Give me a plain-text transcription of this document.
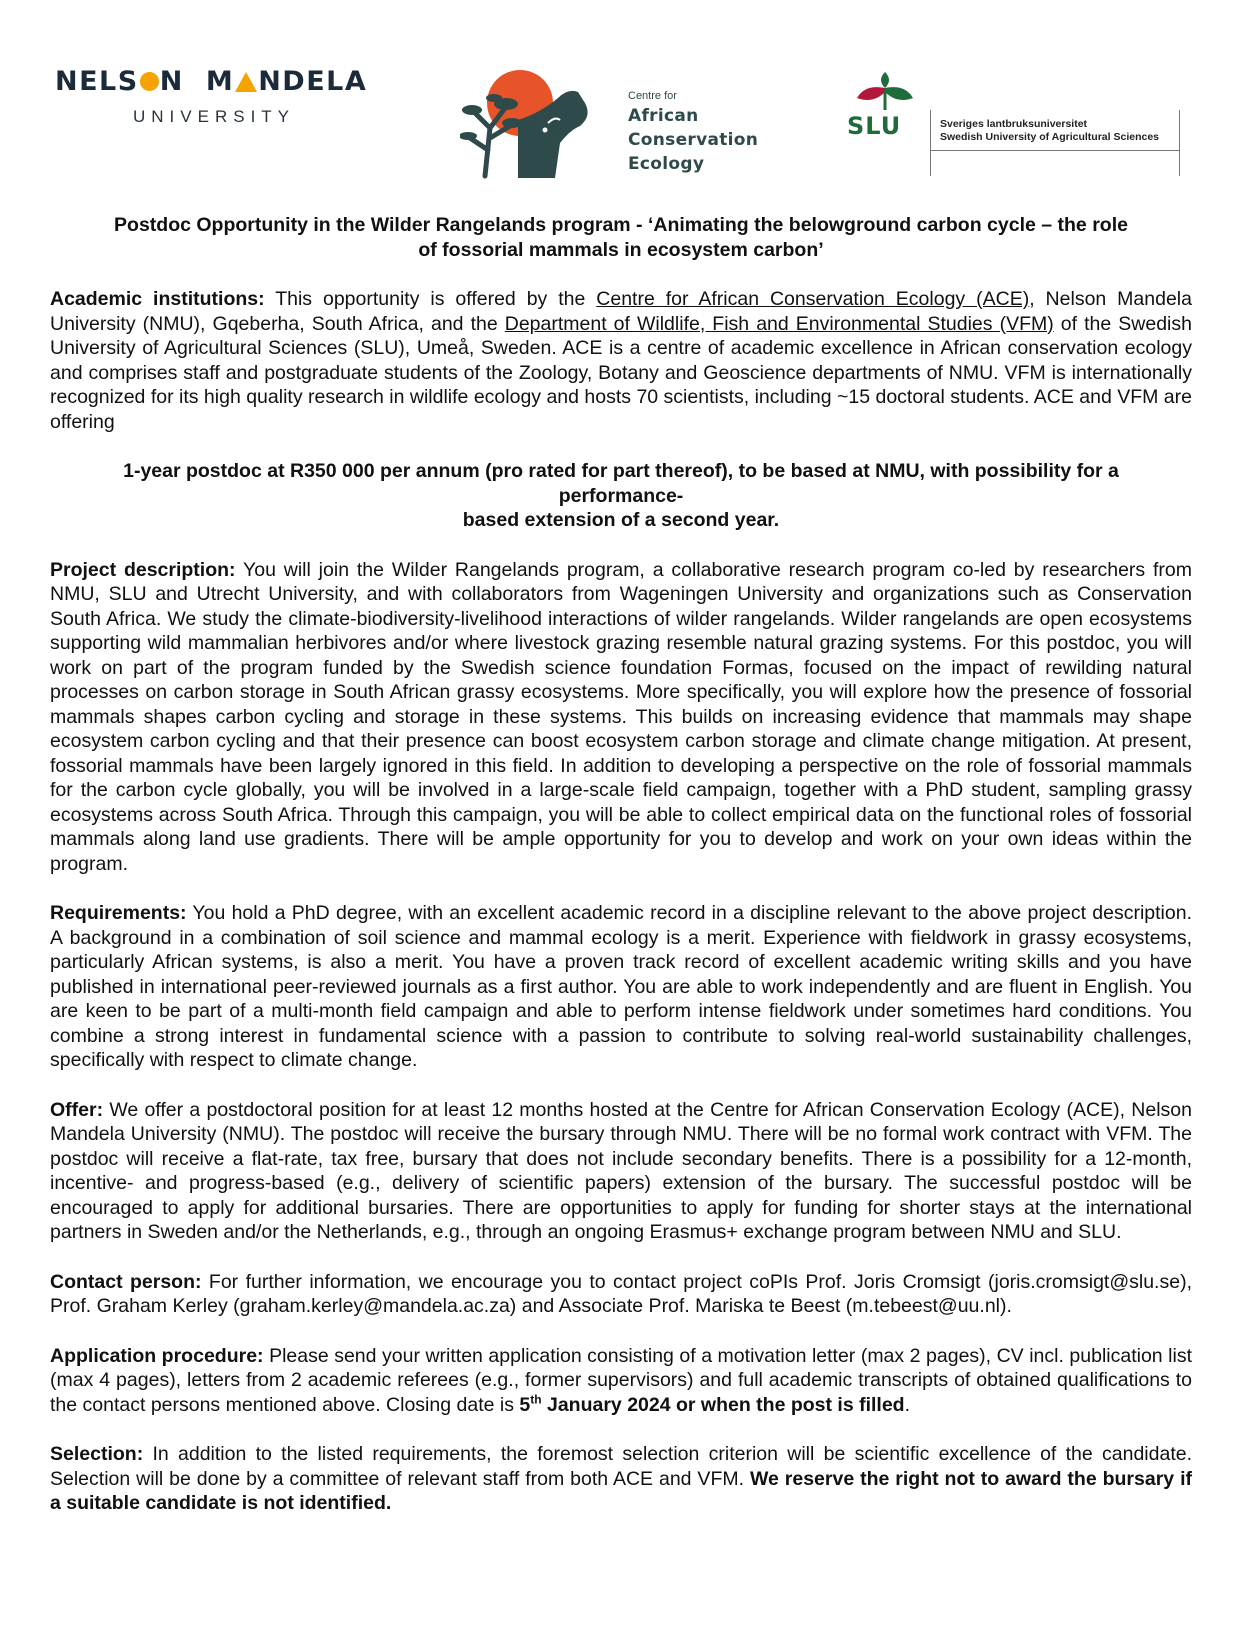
NELS N M NDELA
UNIVERSITY
Centre for
African
Conservation
Ecology
SLU	Sveriges lantbruksuniversitet
Swedish University of Agricultural Sciences
Postdoc Opportunity in the Wilder Rangelands program - ‘Animating the belowground carbon cycle – the role
of fossorial mammals in ecosystem carbon’

Academic institutions: This opportunity is offered by the Centre for African Conservation Ecology (ACE), Nelson Mandela University (NMU), Gqeberha, South Africa, and the Department of Wildlife, Fish and Environmental Studies (VFM) of the Swedish University of Agricultural Sciences (SLU), Umeå, Sweden. ACE is a centre of academic excellence in African conservation ecology and comprises staff and postgraduate students of the Zoology, Botany and Geoscience departments of NMU. VFM is internationally recognized for its high quality research in wildlife ecology and hosts 70 scientists, including ~15 doctoral students. ACE and VFM are offering

1-year postdoc at R350 000 per annum (pro rated for part thereof), to be based at NMU, with possibility for a
performance-
based extension of a second year.

Project description: You will join the Wilder Rangelands program, a collaborative research program co-led by researchers from NMU, SLU and Utrecht University, and with collaborators from Wageningen University and organizations such as Conservation South Africa. We study the climate-biodiversity-livelihood interactions of wilder rangelands. Wilder rangelands are open ecosystems supporting wild mammalian herbivores and/or where livestock grazing resemble natural grazing systems. For this postdoc, you will work on part of the program funded by the Swedish science foundation Formas, focused on the impact of rewilding natural processes on carbon storage in South African grassy ecosystems. More specifically, you will explore how the presence of fossorial mammals shapes carbon cycling and storage in these systems. This builds on increasing evidence that mammals may shape ecosystem carbon cycling and that their presence can boost ecosystem carbon storage and climate change mitigation. At present, fossorial mammals have been largely ignored in this field. In addition to developing a perspective on the role of fossorial mammals for the carbon cycle globally, you will be involved in a large-scale field campaign, together with a PhD student, sampling grassy ecosystems across South Africa. Through this campaign, you will be able to collect empirical data on the functional roles of fossorial mammals along land use gradients. There will be ample opportunity for you to develop and work on your own ideas within the program.

Requirements: You hold a PhD degree, with an excellent academic record in a discipline relevant to the above project description. A background in a combination of soil science and mammal ecology is a merit. Experience with fieldwork in grassy ecosystems, particularly African systems, is also a merit. You have a proven track record of excellent academic writing skills and you have published in international peer-reviewed journals as a first author. You are able to work independently and are fluent in English. You are keen to be part of a multi-month field campaign and able to perform intense fieldwork under sometimes hard conditions. You combine a strong interest in fundamental science with a passion to contribute to solving real-world sustainability challenges, specifically with respect to climate change.

Offer: We offer a postdoctoral position for at least 12 months hosted at the Centre for African Conservation Ecology (ACE), Nelson Mandela University (NMU). The postdoc will receive the bursary through NMU. There will be no formal work contract with VFM. The postdoc will receive a flat-rate, tax free, bursary that does not include secondary benefits. There is a possibility for a 12-month, incentive- and progress-based (e.g., delivery of scientific papers) extension of the bursary. The successful postdoc will be encouraged to apply for additional bursaries. There are opportunities to apply for funding for shorter stays at the international partners in Sweden and/or the Netherlands, e.g., through an ongoing Erasmus+ exchange program between NMU and SLU.

Contact person: For further information, we encourage you to contact project coPIs Prof. Joris Cromsigt (joris.cromsigt@slu.se), Prof. Graham Kerley (graham.kerley@mandela.ac.za) and Associate Prof. Mariska te Beest (m.tebeest@uu.nl).

Application procedure: Please send your written application consisting of a motivation letter (max 2 pages), CV incl. publication list (max 4 pages), letters from 2 academic referees (e.g., former supervisors) and full academic transcripts of obtained qualifications to the contact persons mentioned above. Closing date is 5th January 2024 or when the post is filled.

Selection: In addition to the listed requirements, the foremost selection criterion will be scientific excellence of the candidate. Selection will be done by a committee of relevant staff from both ACE and VFM. We reserve the right not to award the bursary if a suitable candidate is not identified.
